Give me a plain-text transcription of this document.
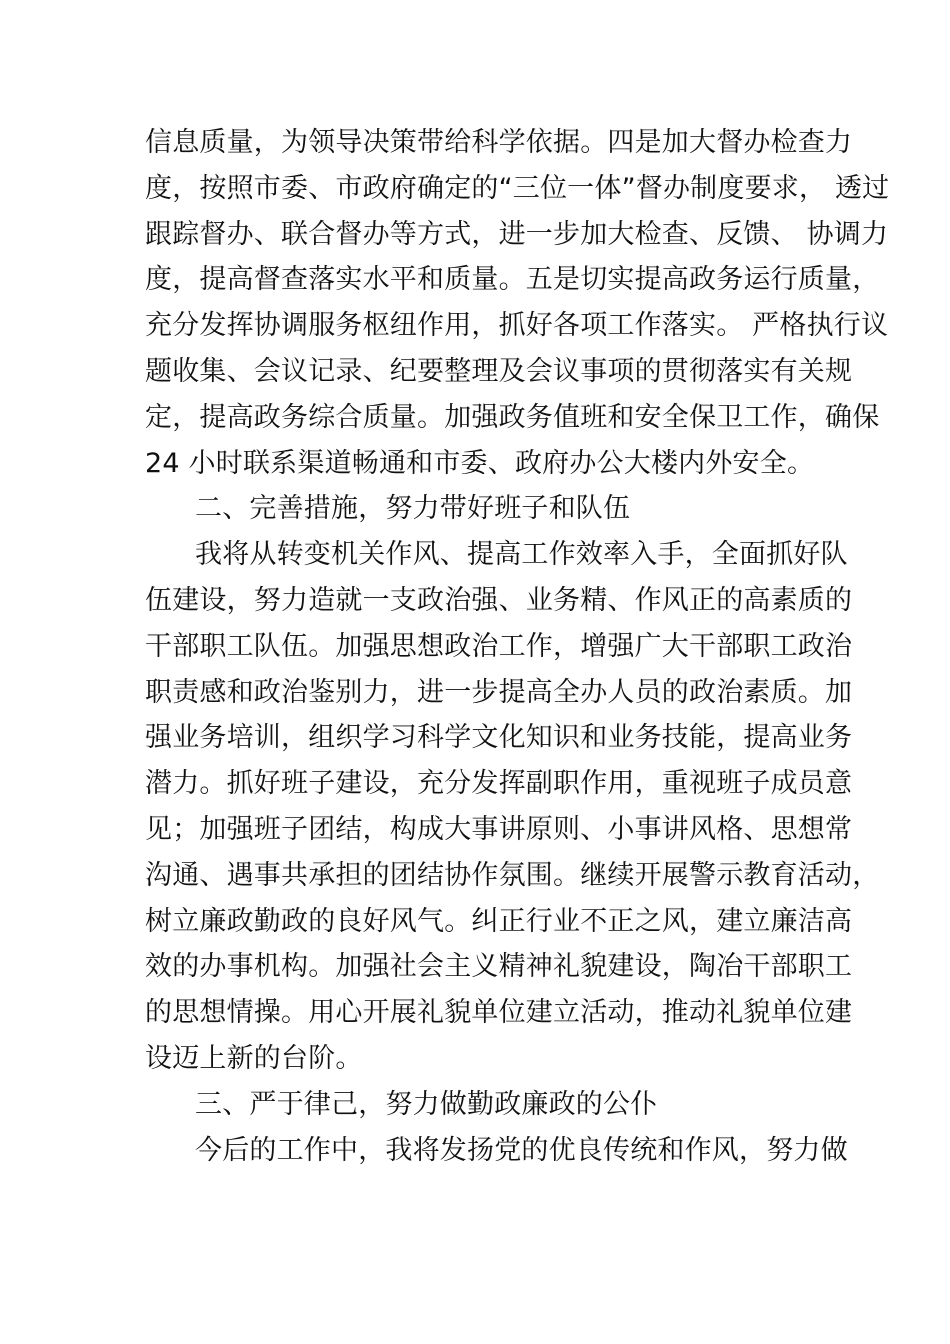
信息质量，为领导决策带给科学依据。四是加大督办检查力
度，按照市委、市政府确定的“三位一体”督办制度要求， 透过
跟踪督办、联合督办等方式，进一步加大检查、反馈、 协调力
度，提高督查落实水平和质量。五是切实提高政务运行质量，
充分发挥协调服务枢纽作用，抓好各项工作落实。 严格执行议
题收集、会议记录、纪要整理及会议事项的贯彻落实有关规
定，提高政务综合质量。加强政务值班和安全保卫工作，确保
24 小时联系渠道畅通和市委、政府办公大楼内外安全。
二、完善措施，努力带好班子和队伍
我将从转变机关作风、提高工作效率入手，全面抓好队
伍建设，努力造就一支政治强、业务精、作风正的高素质的
干部职工队伍。加强思想政治工作，增强广大干部职工政治
职责感和政治鉴别力，进一步提高全办人员的政治素质。加
强业务培训，组织学习科学文化知识和业务技能，提高业务
潜力。抓好班子建设，充分发挥副职作用，重视班子成员意
见；加强班子团结，构成大事讲原则、小事讲风格、思想常
沟通、遇事共承担的团结协作氛围。继续开展警示教育活动，
树立廉政勤政的良好风气。纠正行业不正之风，建立廉洁高
效的办事机构。加强社会主义精神礼貌建设，陶冶干部职工
的思想情操。用心开展礼貌单位建立活动，推动礼貌单位建
设迈上新的台阶。
三、严于律己，努力做勤政廉政的公仆
今后的工作中，我将发扬党的优良传统和作风，努力做
